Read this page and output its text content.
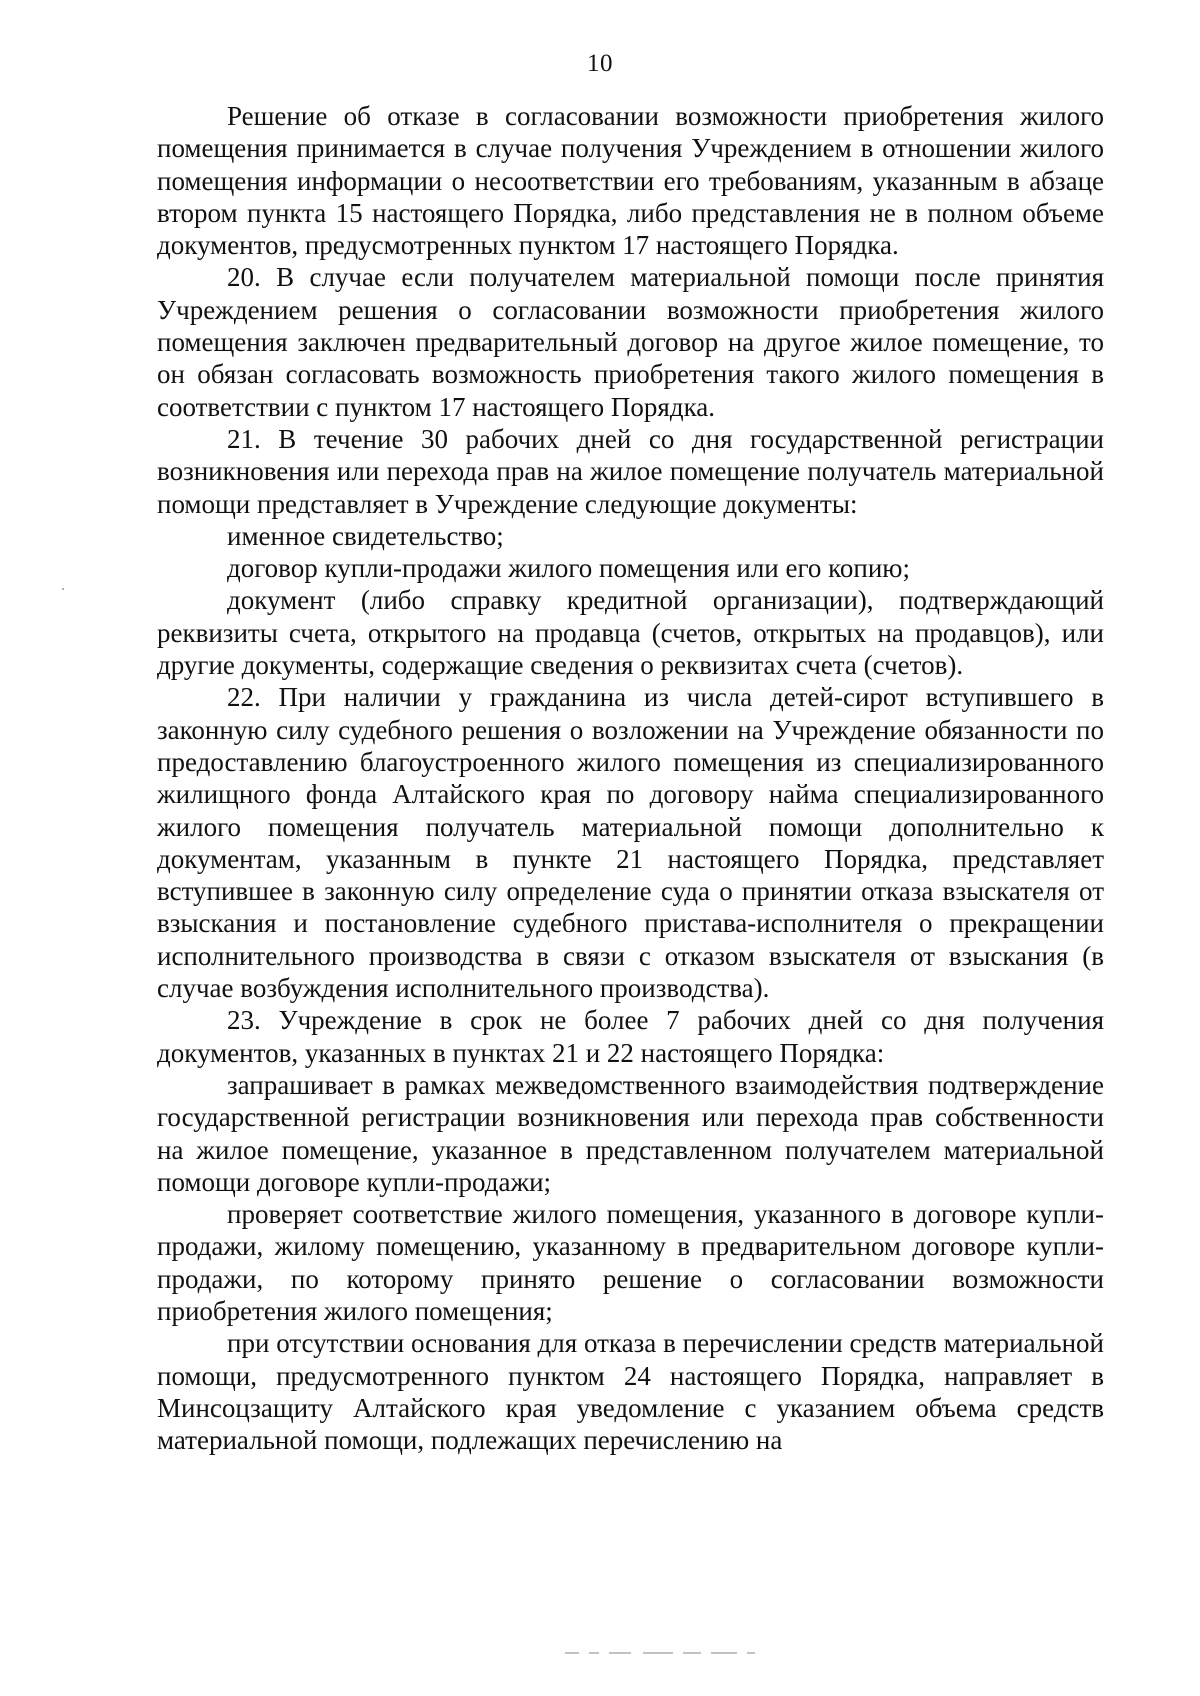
10

Решение об отказе в согласовании возможности приобретения жилого помещения принимается в случае получения Учреждением в отношении жилого помещения информации о несоответствии его требованиям, указанным в абзаце втором пункта 15 настоящего Порядка, либо представления не в полном объеме документов, предусмотренных пунктом 17 настоящего Порядка.

20. В случае если получателем материальной помощи после принятия Учреждением решения о согласовании возможности приобретения жилого помещения заключен предварительный договор на другое жилое помещение, то он обязан согласовать возможность приобретения такого жилого помещения в соответствии с пунктом 17 настоящего Порядка.

21. В течение 30 рабочих дней со дня государственной регистрации возникновения или перехода прав на жилое помещение получатель материальной помощи представляет в Учреждение следующие документы:

именное свидетельство;

договор купли-продажи жилого помещения или его копию;

документ (либо справку кредитной организации), подтверждающий реквизиты счета, открытого на продавца (счетов, открытых на продавцов), или другие документы, содержащие сведения о реквизитах счета (счетов).

22. При наличии у гражданина из числа детей-сирот вступившего в законную силу судебного решения о возложении на Учреждение обязанности по предоставлению благоустроенного жилого помещения из специализированного жилищного фонда Алтайского края по договору найма специализированного жилого помещения получатель материальной помощи дополнительно к документам, указанным в пункте 21 настоящего Порядка, представляет вступившее в законную силу определение суда о принятии отказа взыскателя от взыскания и постановление судебного пристава-исполнителя о прекращении исполнительного производства в связи с отказом взыскателя от взыскания (в случае возбуждения исполнительного производства).

23. Учреждение в срок не более 7 рабочих дней со дня получения документов, указанных в пунктах 21 и 22 настоящего Порядка:

запрашивает в рамках межведомственного взаимодействия подтверждение государственной регистрации возникновения или перехода прав собственности на жилое помещение, указанное в представленном получателем материальной помощи договоре купли-продажи;

проверяет соответствие жилого помещения, указанного в договоре купли-продажи, жилому помещению, указанному в предварительном договоре купли-продажи, по которому принято решение о согласовании возможности приобретения жилого помещения;

при отсутствии основания для отказа в перечислении средств материальной помощи, предусмотренного пунктом 24 настоящего Порядка, направляет в Минсоцзащиту Алтайского края уведомление с указанием объема средств материальной помощи, подлежащих перечислению на
